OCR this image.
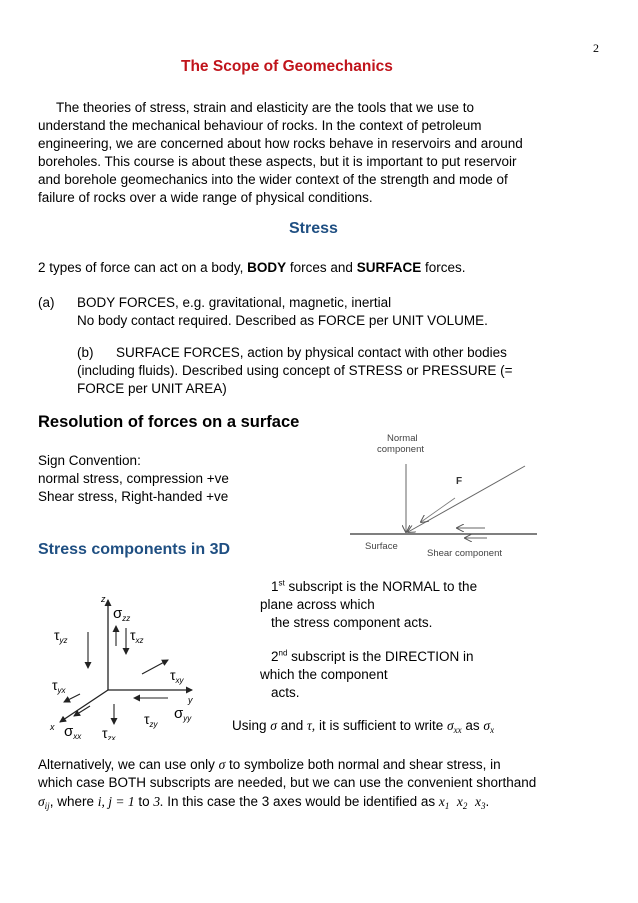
2
The Scope of Geomechanics
The theories of stress, strain and elasticity are the tools that we use to
understand the mechanical behaviour of rocks. In the context of petroleum
engineering, we are concerned about how rocks behave in reservoirs and around
boreholes. This course is about these aspects, but it is important to put reservoir
and borehole geomechanics into the wider context of the strength and mode of
failure of rocks over a wide range of physical conditions.
Stress
2 types of force can act on a body, BODY forces and SURFACE forces.
(a) BODY FORCES, e.g. gravitational, magnetic, inertial
No body contact required. Described as FORCE per UNIT VOLUME.
(b) SURFACE FORCES, action by physical contact with other bodies
(including fluids). Described using concept of STRESS or PRESSURE (=
FORCE per UNIT AREA)
Resolution of forces on a surface
Sign Convention:
normal stress, compression +ve
Shear stress, Right-handed +ve
Normal
component
F
Surface
Shear component
Stress components in 3D
z
y
x
$\sigma_{zz}$
$\tau_{xz}$
$\tau_{yz}$
$\tau_{xy}$
$\tau_{yx}$
$\sigma_{yy}$
$\tau_{zy}$
$\sigma_{xx}$ $\tau_{zx}$
1st subscript is the NORMAL to the
plane across which
the stress component acts.
2nd subscript is the DIRECTION in
which the component
acts.
Using σ and τ, it is sufficient to write $\sigma_{xx}$ as $\sigma_x$
Alternatively, we can use only σ to symbolize both normal and shear stress, in
which case BOTH subscripts are needed, but we can use the convenient shorthand
$\sigma_{ij}$, where i, j = 1 to 3. In this case the 3 axes would be identified as $x_1$ $x_2$ $x_3$.
